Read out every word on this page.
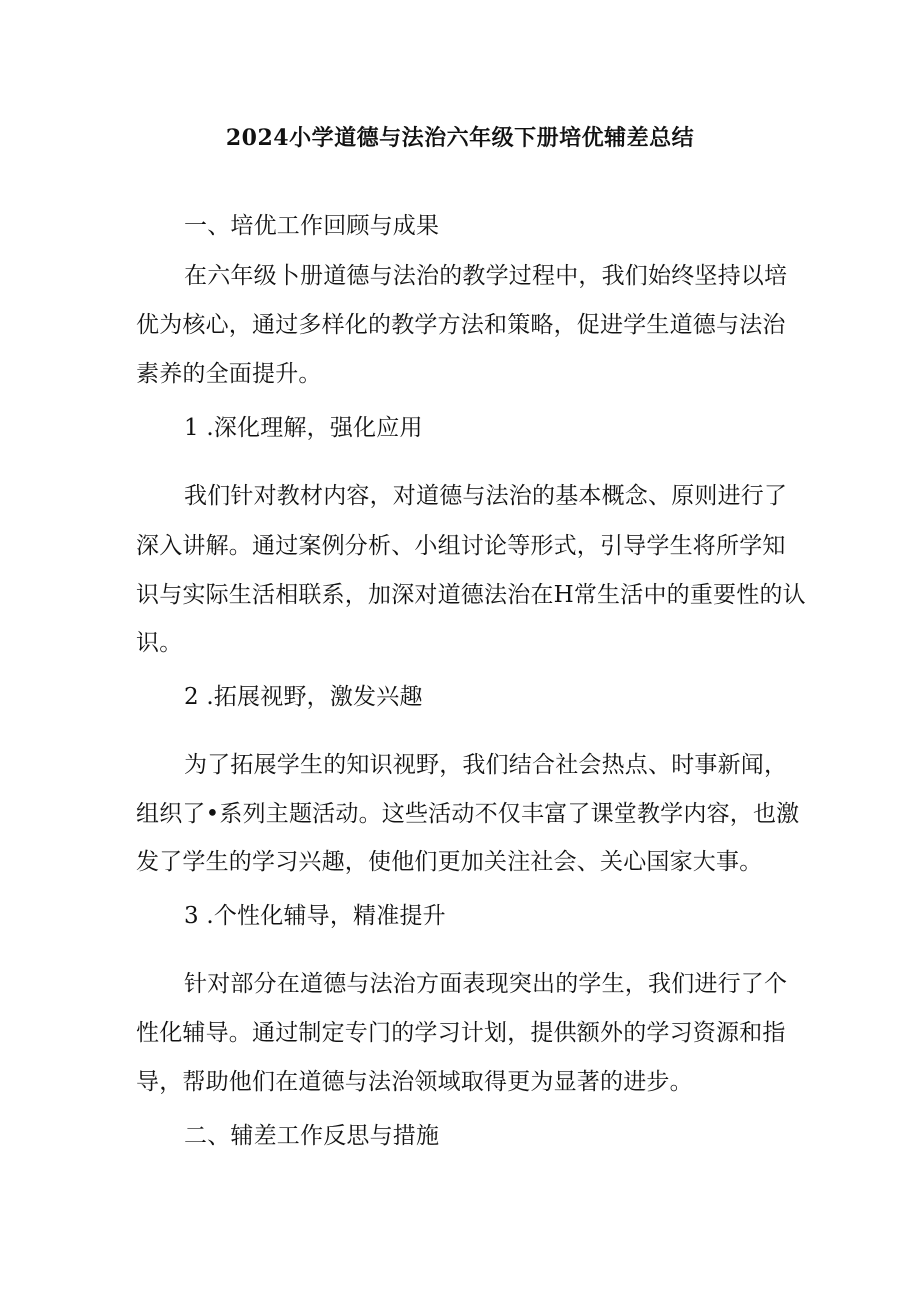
2024小学道德与法治六年级下册培优辅差总结
一、培优工作回顾与成果
在六年级卜册道德与法治的教学过程中，我们始终坚持以培
优为核心，通过多样化的教学方法和策略，促进学生道德与法治
素养的全面提升。
1 .深化理解，强化应用
我们针对教材内容，对道德与法治的基本概念、原则进行了
深入讲解。通过案例分析、小组讨论等形式，引导学生将所学知
识与实际生活相联系，加深对道德法治在H常生活中的重要性的认
识。
2 .拓展视野，激发兴趣
为了拓展学生的知识视野，我们结合社会热点、时事新闻，
组织了•系列主题活动。这些活动不仅丰富了课堂教学内容，也激
发了学生的学习兴趣，使他们更加关注社会、关心国家大事。
3 .个性化辅导，精准提升
针对部分在道德与法治方面表现突出的学生，我们进行了个
性化辅导。通过制定专门的学习计划，提供额外的学习资源和指
导，帮助他们在道德与法治领域取得更为显著的进步。
二、辅差工作反思与措施
